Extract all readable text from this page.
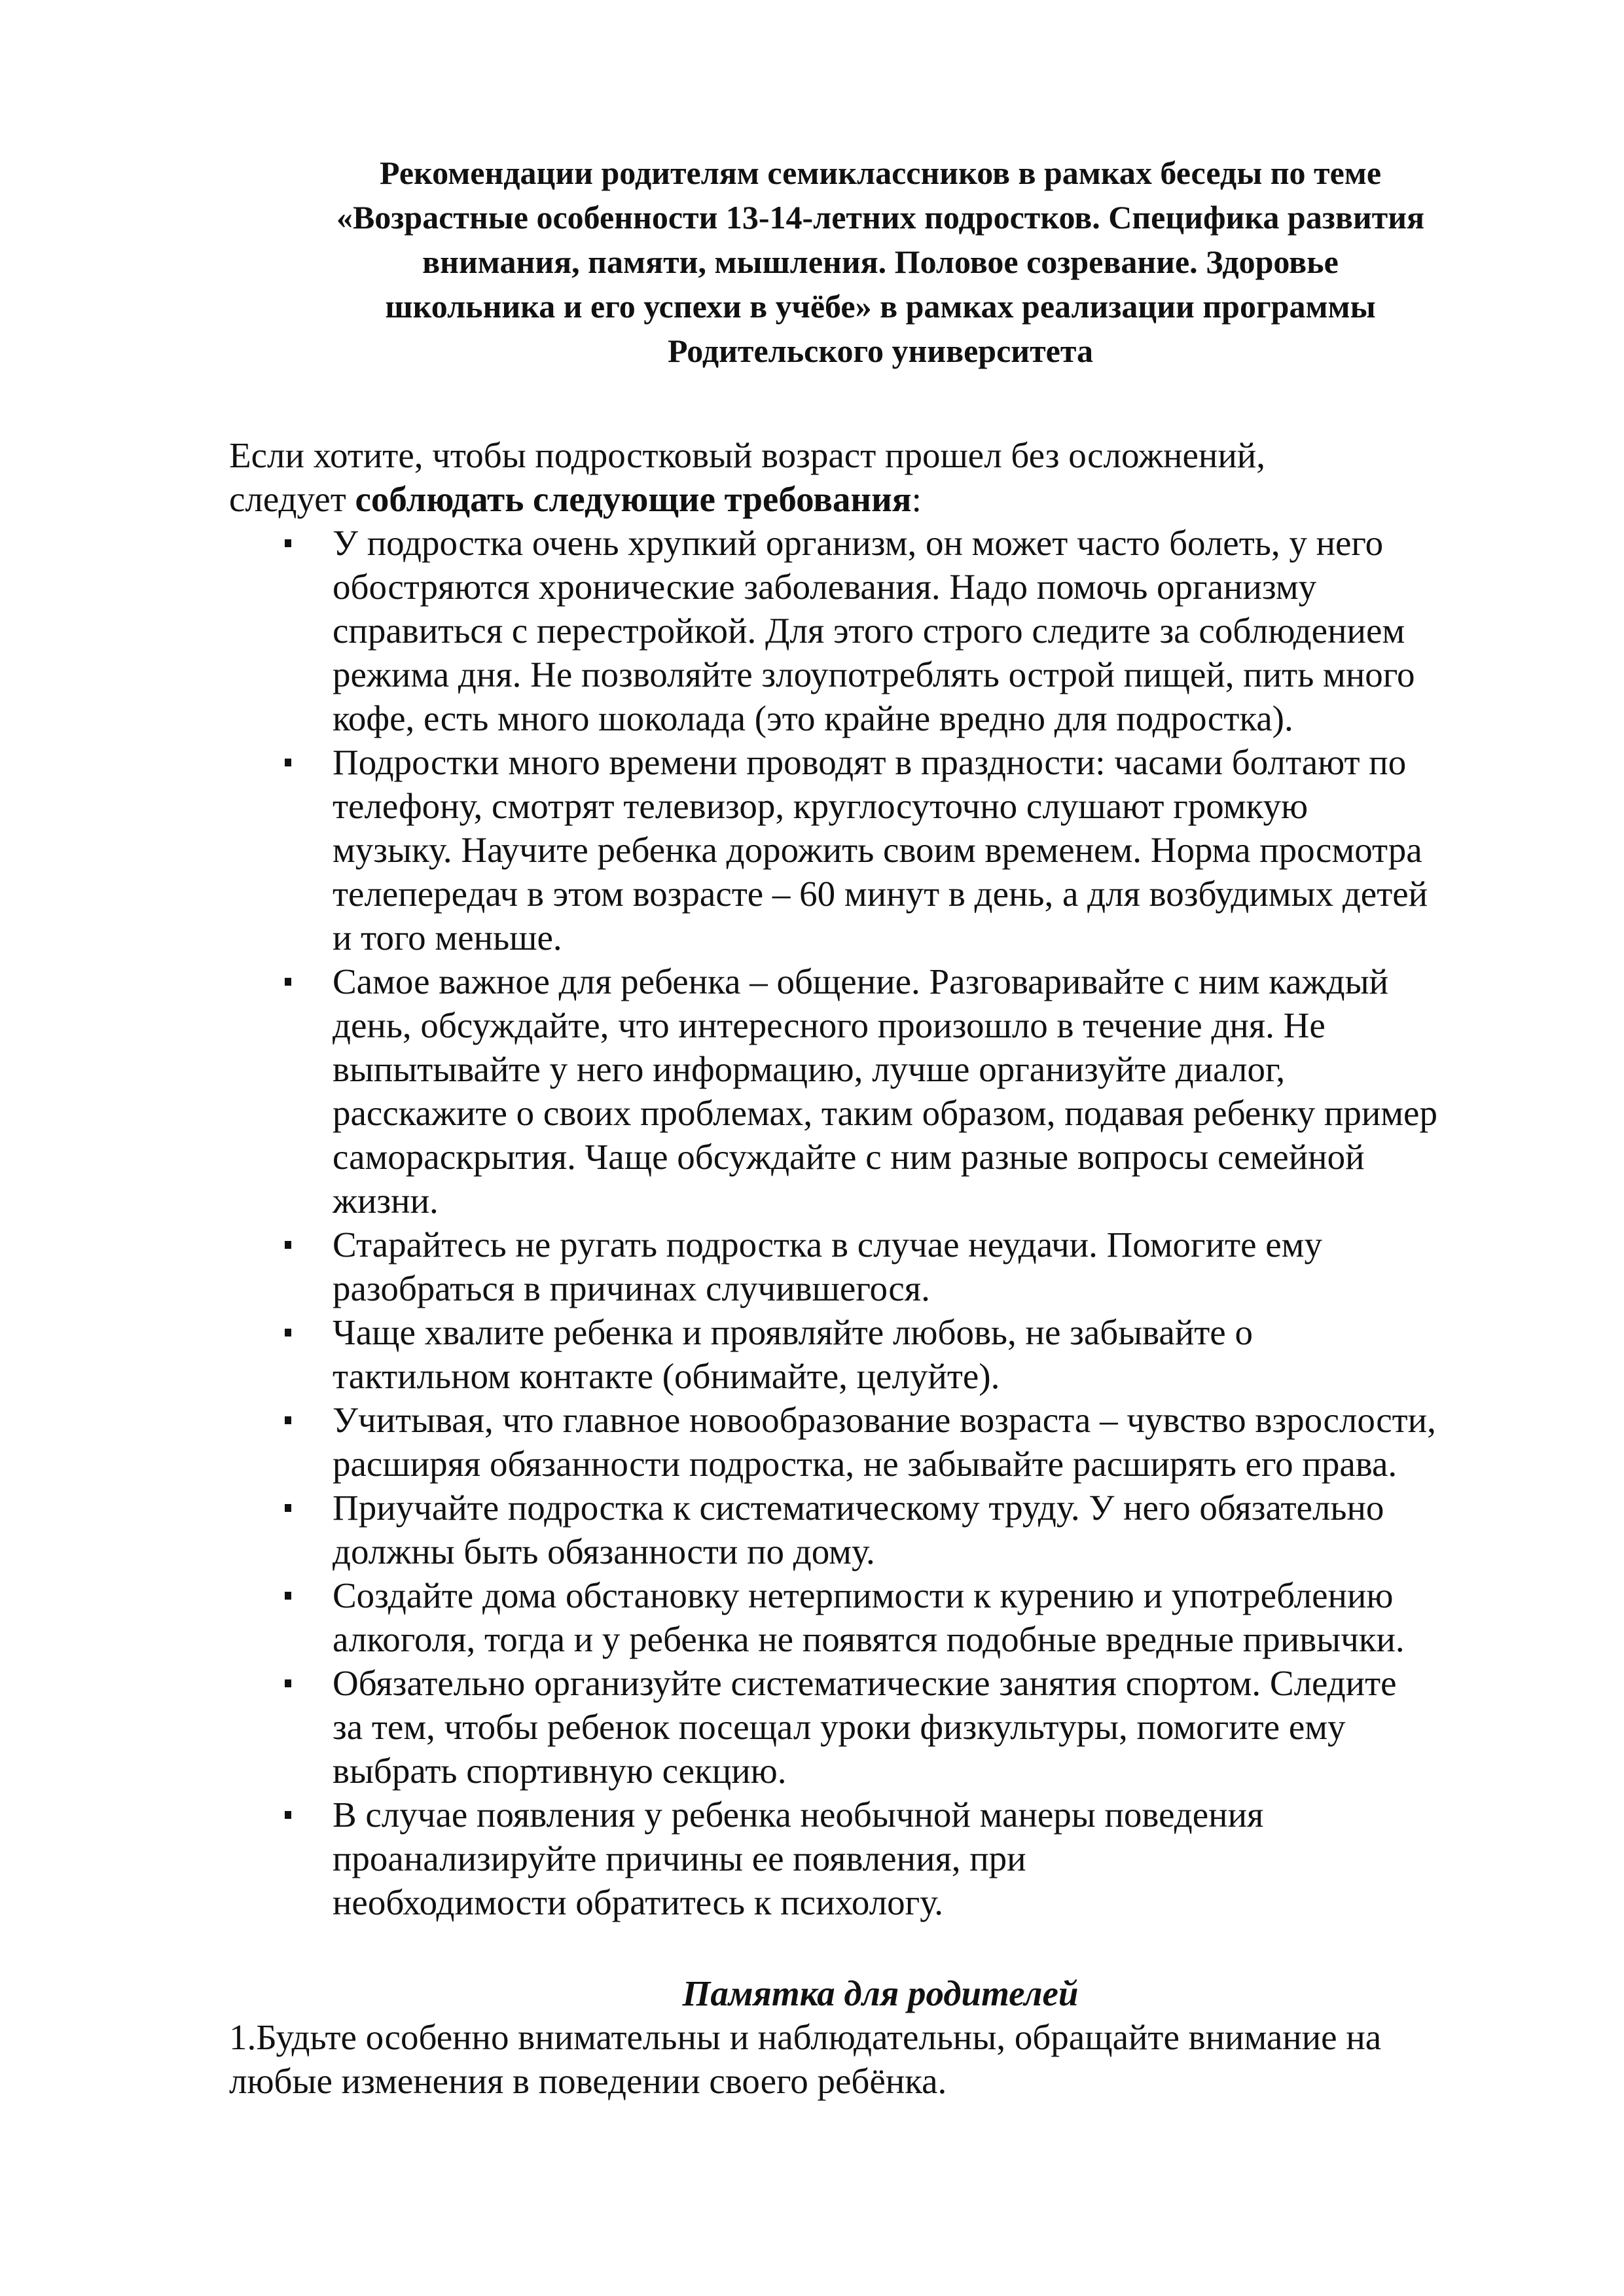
Рекомендации родителям семиклассников в рамках беседы по теме
«Возрастные особенности 13-14-летних подростков. Специфика развития
внимания, памяти, мышления. Половое созревание. Здоровье
школьника и его успехи в учёбе» в рамках реализации программы
Родительского университета

Если хотите, чтобы подростковый возраст прошел без осложнений,
следует соблюдать следующие требования:

У подростка очень хрупкий организм, он может часто болеть, у него
обостряются хронические заболевания. Надо помочь организму
справиться с перестройкой. Для этого строго следите за соблюдением
режима дня. Не позволяйте злоупотреблять острой пищей, пить много
кофе, есть много шоколада (это крайне вредно для подростка).
Подростки много времени проводят в праздности: часами болтают по
телефону, смотрят телевизор, круглосуточно слушают громкую
музыку. Научите ребенка дорожить своим временем. Норма просмотра
телепередач в этом возрасте – 60 минут в день, а для возбудимых детей
и того меньше.
Самое важное для ребенка – общение. Разговаривайте с ним каждый
день, обсуждайте, что интересного произошло в течение дня. Не
выпытывайте у него информацию, лучше организуйте диалог,
расскажите о своих проблемах, таким образом, подавая ребенку пример
самораскрытия. Чаще обсуждайте с ним разные вопросы семейной
жизни.
Старайтесь не ругать подростка в случае неудачи. Помогите ему
разобраться в причинах случившегося.
Чаще хвалите ребенка и проявляйте любовь, не забывайте о
тактильном контакте (обнимайте, целуйте).
Учитывая, что главное новообразование возраста – чувство взрослости,
расширяя обязанности подростка, не забывайте расширять его права.
Приучайте подростка к систематическому труду. У него обязательно
должны быть обязанности по дому.
Создайте дома обстановку нетерпимости к курению и употреблению
алкоголя, тогда и у ребенка не появятся подобные вредные привычки.
Обязательно организуйте систематические занятия спортом. Следите
за тем, чтобы ребенок посещал уроки физкультуры, помогите ему
выбрать спортивную секцию.
В случае появления у ребенка необычной манеры поведения
проанализируйте причины ее появления, при
необходимости обратитесь к психологу.
Памятка для родителей

1.Будьте особенно внимательны и наблюдательны, обращайте внимание на
любые изменения в поведении своего ребёнка.
